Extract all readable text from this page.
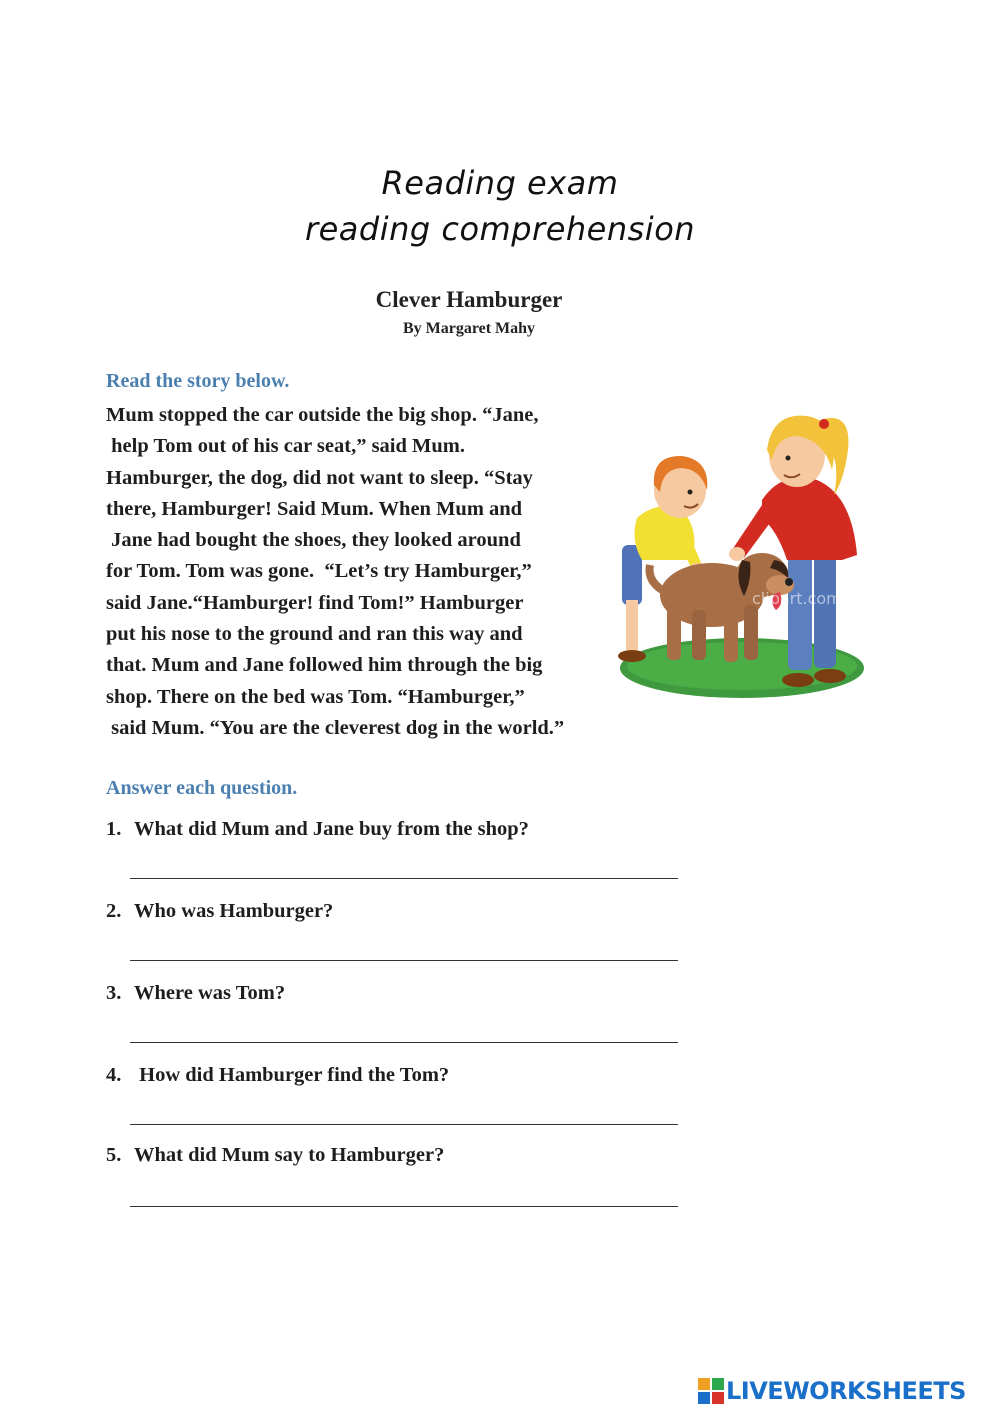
Reading exam
reading comprehension
Clever Hamburger
By Margaret Mahy
Read the story below.
Mum stopped the car outside the big shop. “Jane,
help Tom out of his car seat,” said Mum.
Hamburger, the dog, did not want to sleep. “Stay
there, Hamburger! Said Mum. When Mum and
Jane had bought the shoes, they looked around
for Tom. Tom was gone.  “Let’s try Hamburger,”
said Jane.“Hamburger! find Tom!” Hamburger
put his nose to the ground and ran this way and
that. Mum and Jane followed him through the big
shop. There on the bed was Tom. “Hamburger,”
said Mum. “You are the cleverest dog in the world.”
clipart.com
Answer each question.
1. What did Mum and Jane buy from the shop?
2. Who was Hamburger?
3. Where was Tom?
4. How did Hamburger find the Tom?
5. What did Mum say to Hamburger?
LIVEWORKSHEETS
